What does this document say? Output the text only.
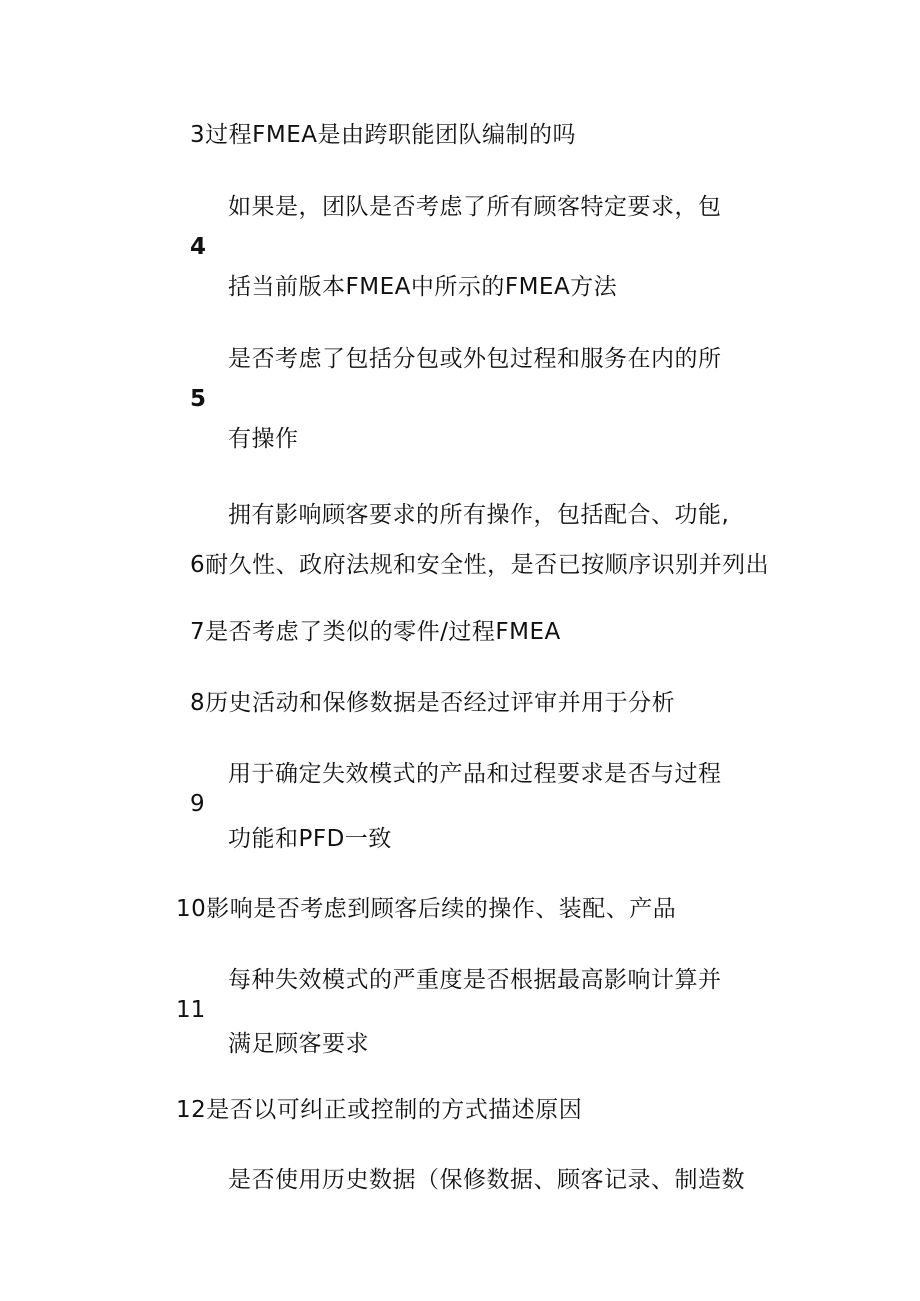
3过程FMEA是由跨职能团队编制的吗
如果是，团队是否考虑了所有顾客特定要求，包
4
括当前版本FMEA中所示的FMEA方法
是否考虑了包括分包或外包过程和服务在内的所
5
有操作
拥有影响顾客要求的所有操作，包括配合、功能,
6耐久性、政府法规和安全性，是否已按顺序识别并列出
7是否考虑了类似的零件/过程FMEA
8历史活动和保修数据是否经过评审并用于分析
用于确定失效模式的产品和过程要求是否与过程
9
功能和PFD一致
10影响是否考虑到顾客后续的操作、装配、产品
每种失效模式的严重度是否根据最高影响计算并
11
满足顾客要求
12是否以可纠正或控制的方式描述原因
是否使用历史数据（保修数据、顾客记录、制造数
